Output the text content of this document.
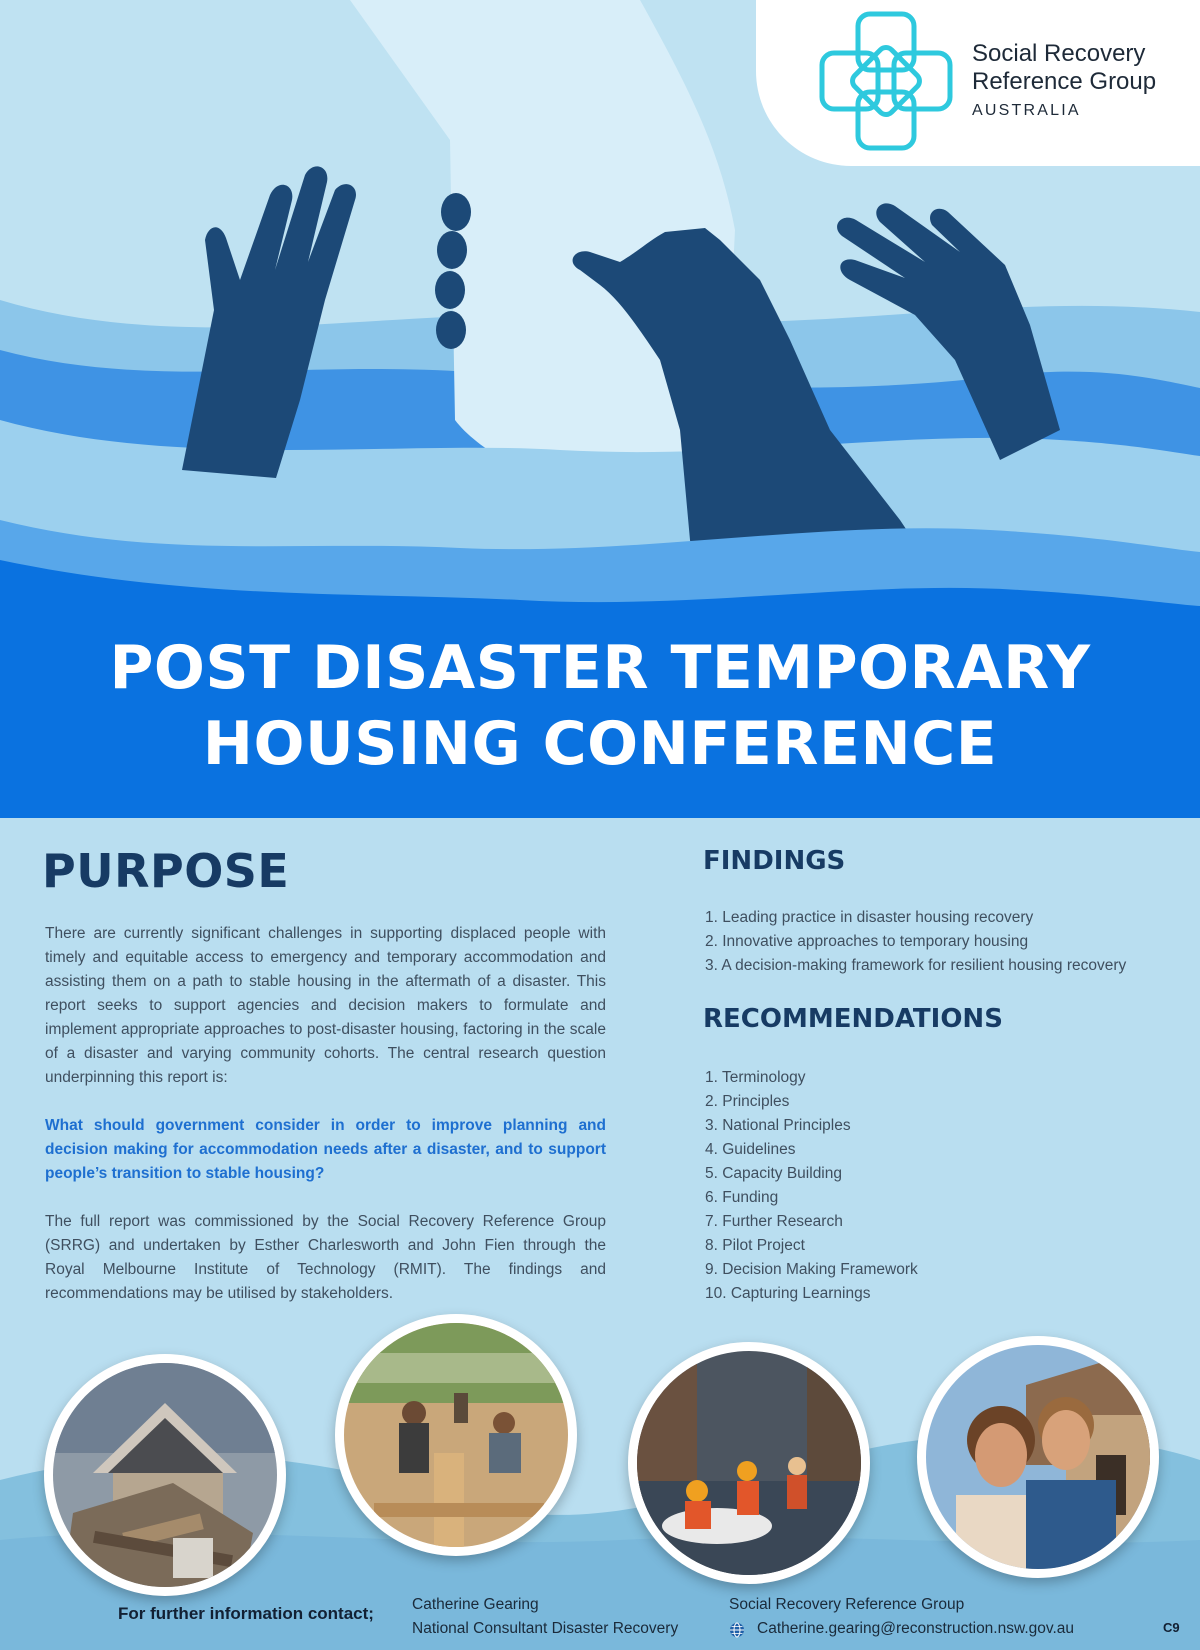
Social Recovery
Reference Group
AUSTRALIA
POST DISASTER TEMPORARY
HOUSING CONFERENCE
PURPOSE

There are currently significant challenges in supporting displaced people with timely and equitable access to emergency and temporary accommodation and assisting them on a path to stable housing in the aftermath of a disaster. This report seeks to support agencies and decision makers to formulate and implement appropriate approaches to post-disaster housing, factoring in the scale of a disaster and varying community cohorts. The central research question underpinning this report is:

What should government consider in order to improve planning and decision making for accommodation needs after a disaster, and to support people’s transition to stable housing?

The full report was commissioned by the Social Recovery Reference Group (SRRG) and undertaken by Esther Charlesworth and John Fien through the Royal Melbourne Institute of Technology (RMIT). The findings and recommendations may be utilised by stakeholders.

FINDINGS
1. Leading practice in disaster housing recovery
2. Innovative approaches to temporary housing
3. A decision-making framework for resilient housing recovery
RECOMMENDATIONS
1. Terminology
2. Principles
3. National Principles
4. Guidelines
5. Capacity Building
6. Funding
7. Further Research
8. Pilot Project
9. Decision Making Framework
10. Capturing Learnings
For further information contact; Catherine Gearing
National Consultant Disaster Recovery
Social Recovery Reference Group
Catherine.gearing@reconstruction.nsw.gov.au	C9
